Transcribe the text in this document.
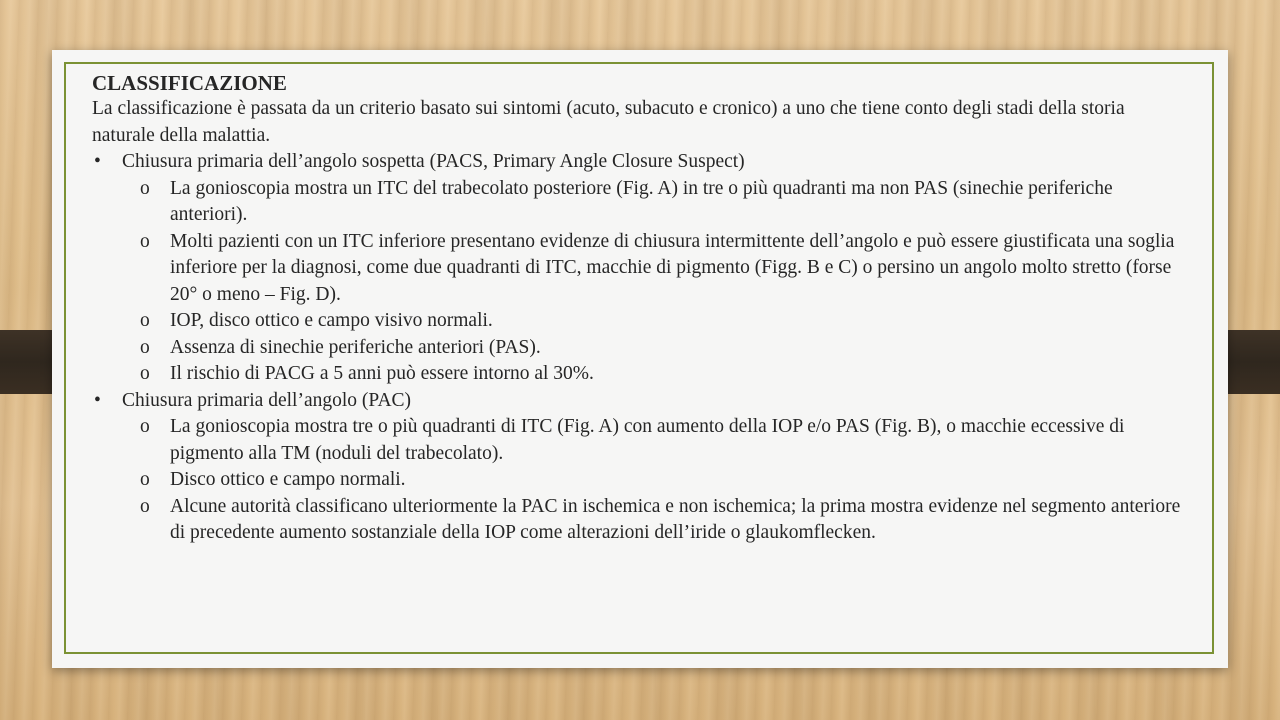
CLASSIFICAZIONE

La classificazione è passata da un criterio basato sui sintomi (acuto, subacuto e cronico) a uno che tiene conto degli stadi della storia naturale della malattia.

• Chiusura primaria dell’angolo sospetta (PACS, Primary Angle Closure Suspect)

o La gonioscopia mostra un ITC del trabecolato posteriore (Fig. A) in tre o più quadranti ma non PAS (sinechie periferiche anteriori).

o Molti pazienti con un ITC inferiore presentano evidenze di chiusura intermittente dell’angolo e può essere giustificata una soglia inferiore per la diagnosi, come due quadranti di ITC, macchie di pigmento (Figg. B e C) o persino un angolo molto stretto (forse 20° o meno – Fig. D).

o IOP, disco ottico e campo visivo normali.

o Assenza di sinechie periferiche anteriori (PAS).

o Il rischio di PACG a 5 anni può essere intorno al 30%.

• Chiusura primaria dell’angolo (PAC)

o La gonioscopia mostra tre o più quadranti di ITC (Fig. A) con aumento della IOP e/o PAS (Fig. B), o macchie eccessive di pigmento alla TM (noduli del trabecolato).

o Disco ottico e campo normali.

o Alcune autorità classificano ulteriormente la PAC in ischemica e non ischemica; la prima mostra evidenze nel segmento anteriore di precedente aumento sostanziale della IOP come alterazioni dell’iride o glaukomflecken.
